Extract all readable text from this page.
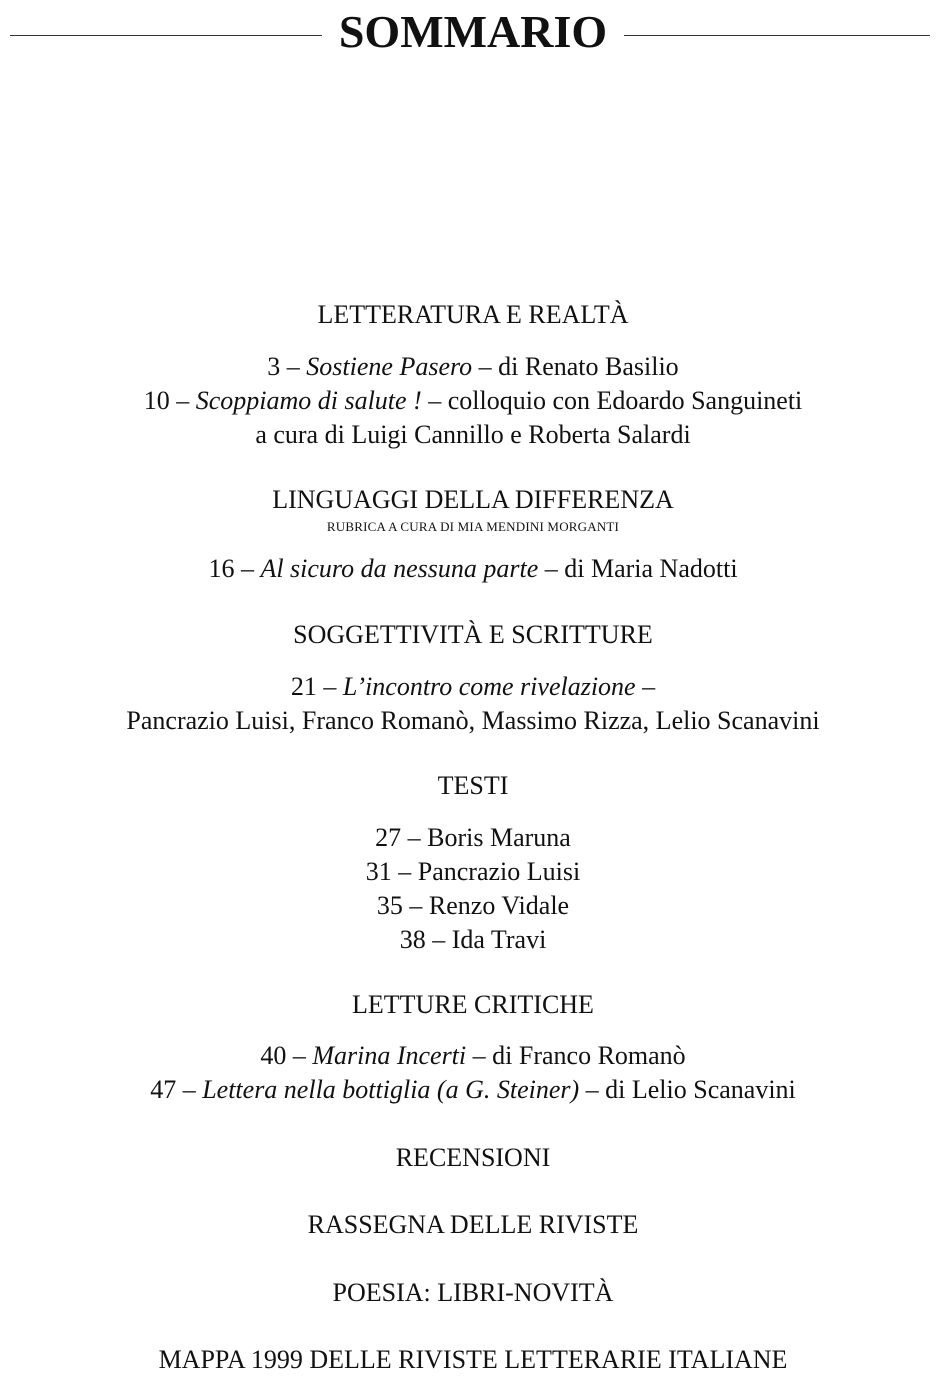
SOMMARIO
LETTERATURA E REALTÀ
3 – Sostiene Pasero – di Renato Basilio
10 – Scoppiamo di salute ! – colloquio con Edoardo Sanguineti
a cura di Luigi Cannillo e Roberta Salardi
LINGUAGGI DELLA DIFFERENZA
RUBRICA A CURA DI MIA MENDINI MORGANTI
16 – Al sicuro da nessuna parte – di Maria Nadotti
SOGGETTIVITÀ E SCRITTURE
21 – L’incontro come rivelazione –
Pancrazio Luisi, Franco Romanò, Massimo Rizza, Lelio Scanavini
TESTI
27 – Boris Maruna
31 – Pancrazio Luisi
35 – Renzo Vidale
38 – Ida Travi
LETTURE CRITICHE
40 – Marina Incerti – di Franco Romanò
47 – Lettera nella bottiglia (a G. Steiner) – di Lelio Scanavini
RECENSIONI
RASSEGNA DELLE RIVISTE
POESIA: LIBRI-NOVITÀ
MAPPA 1999 DELLE RIVISTE LETTERARIE ITALIANE
